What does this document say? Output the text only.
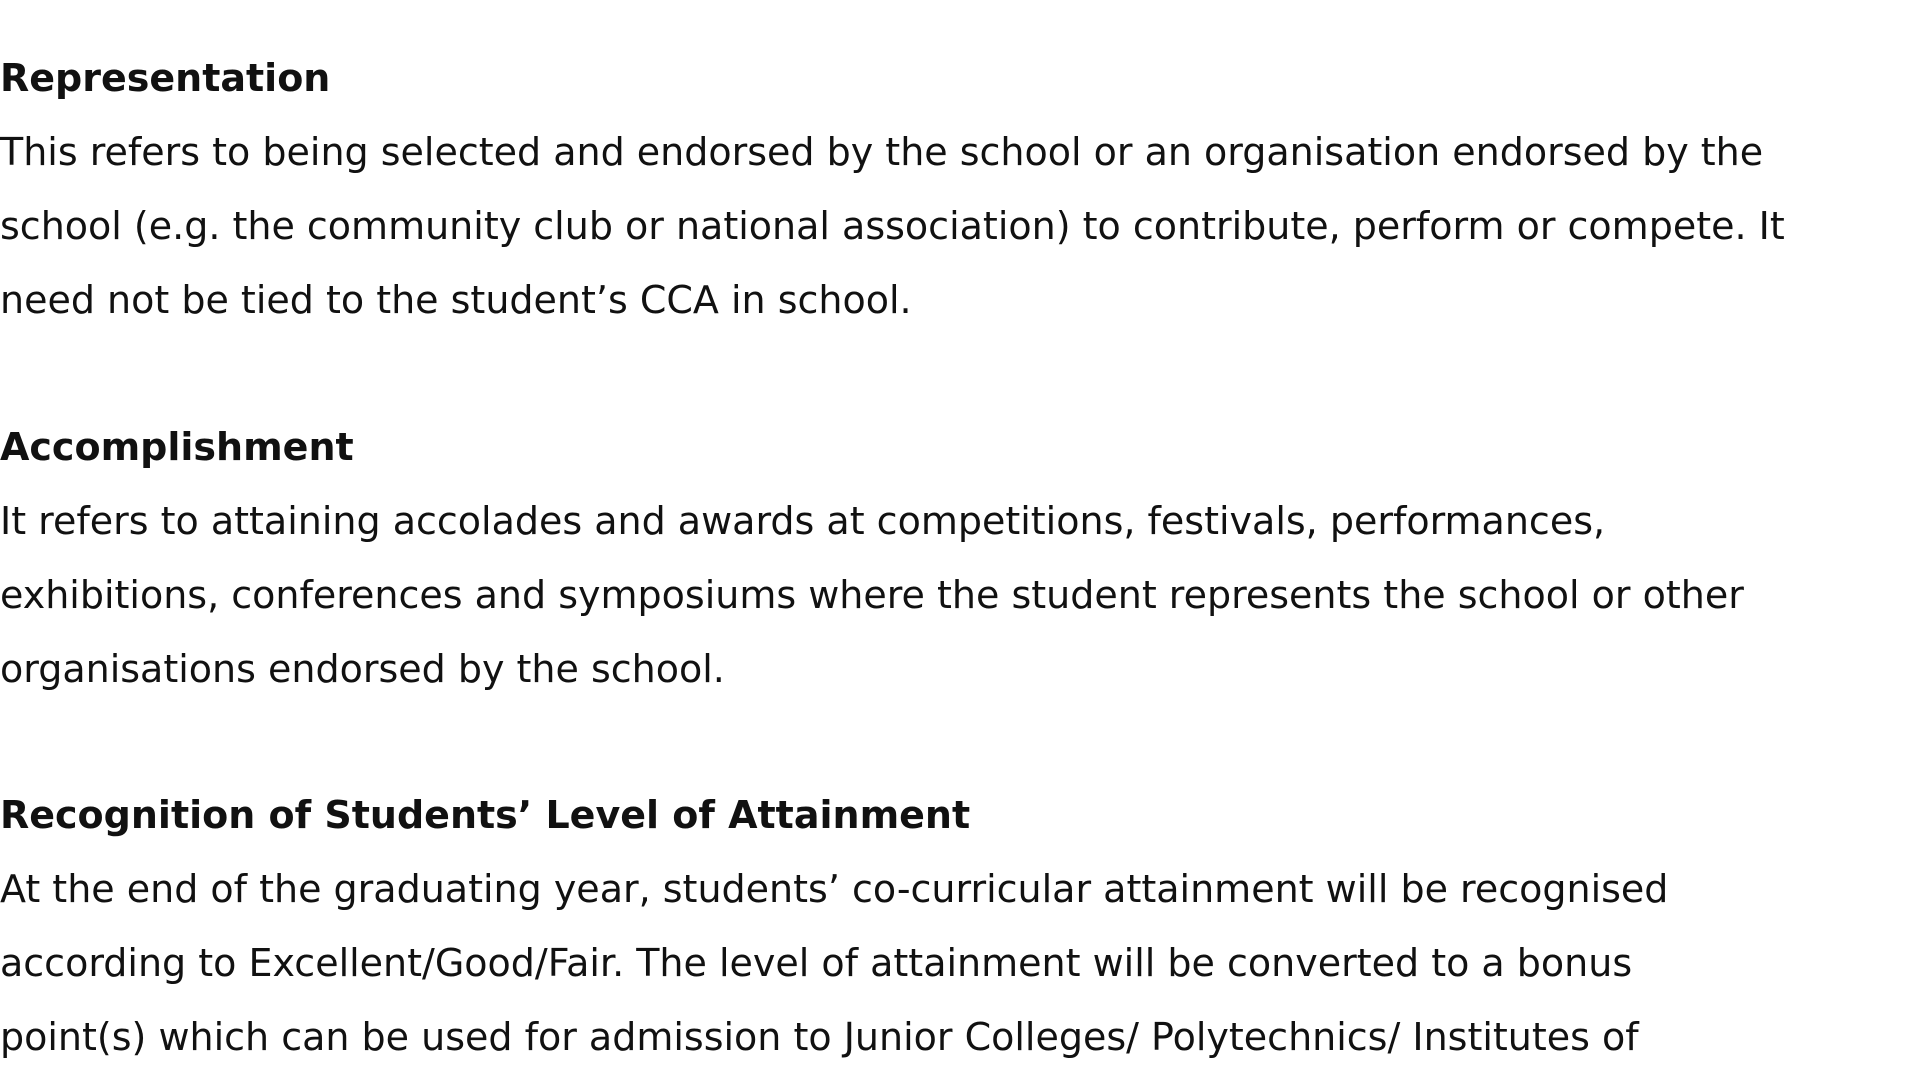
Representation
This refers to being selected and endorsed by the school or an organisation endorsed by the
school (e.g. the community club or national association) to contribute, perform or compete. It
need not be tied to the student’s CCA in school.
Accomplishment
It refers to attaining accolades and awards at competitions, festivals, performances,
exhibitions, conferences and symposiums where the student represents the school or other
organisations endorsed by the school.
Recognition of Students’ Level of Attainment
At the end of the graduating year, students’ co-curricular attainment will be recognised
according to Excellent/Good/Fair. The level of attainment will be converted to a bonus
point(s) which can be used for admission to Junior Colleges/ Polytechnics/ Institutes of
